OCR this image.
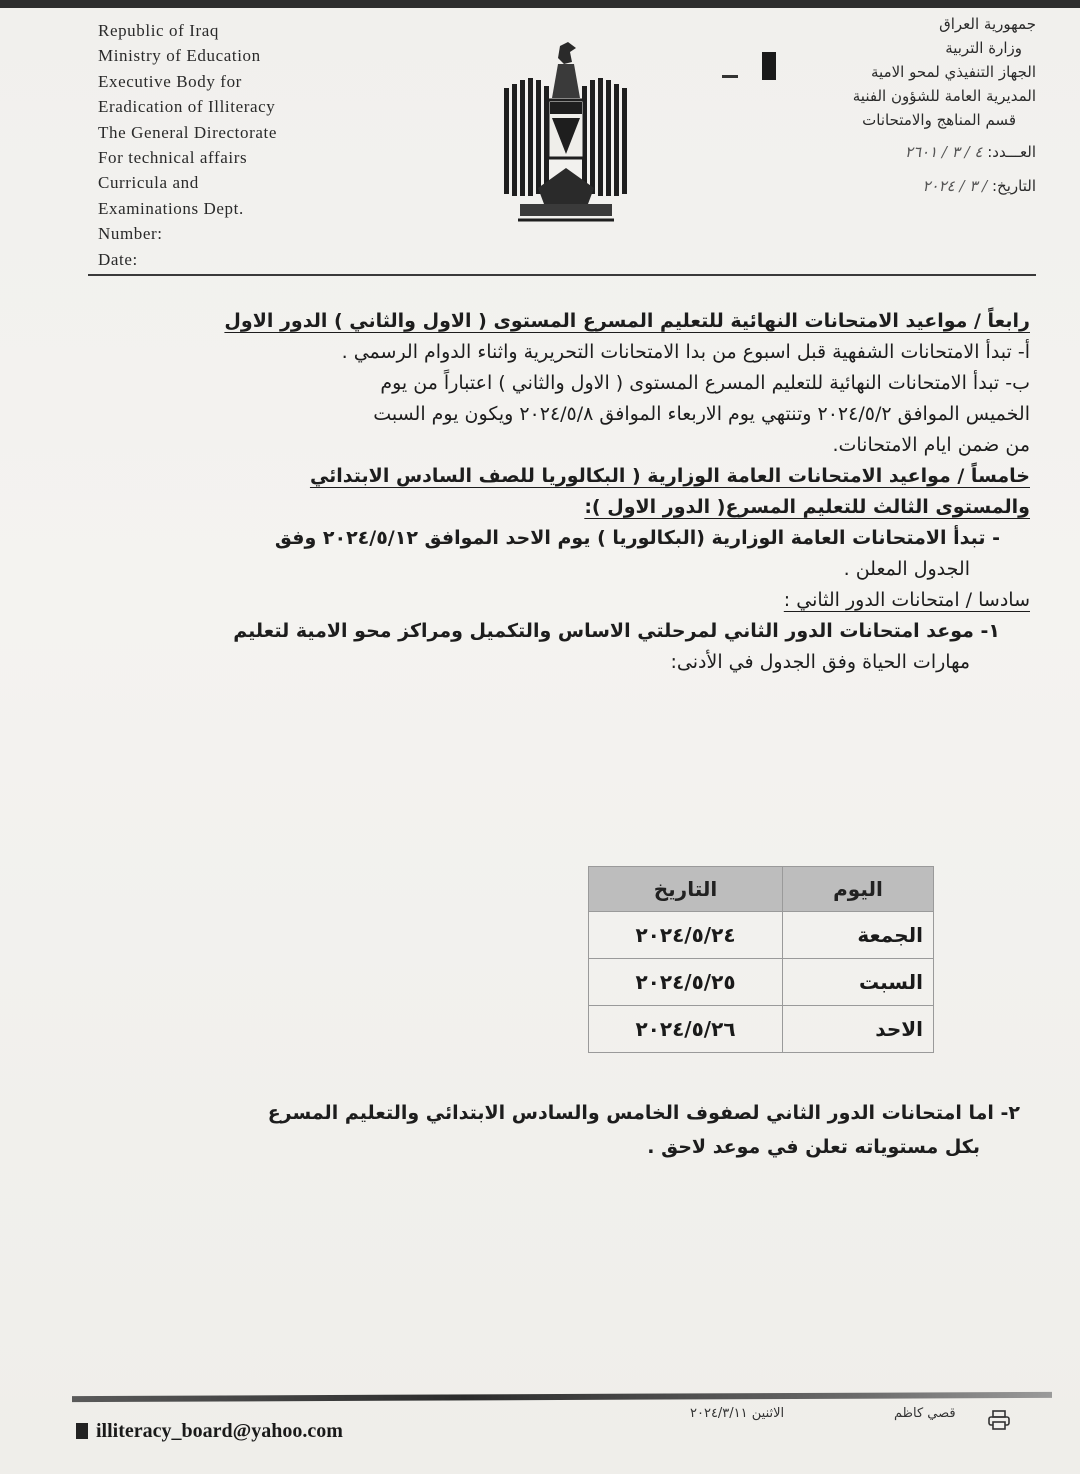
Republic of Iraq
Ministry of Education
Executive Body for
Eradication of Illiteracy
The General Directorate
For technical affairs
Curricula and
Examinations Dept.
Number:
Date:
جمهورية العراق
وزارة التربية
الجهاز التنفيذي لمحو الامية
المديرية العامة للشؤون الفنية
قسم المناهج والامتحانات
العـــدد: ٤ / ٣ / ٢٦٠١
التاريخ: / ٣ / ٢٠٢٤

رابعاً / مواعيد الامتحانات النهائية للتعليم المسرع المستوى ( الاول والثاني ) الدور الاول

أ- تبدأ الامتحانات الشفهية قبل اسبوع من بدا الامتحانات التحريرية واثناء الدوام الرسمي .

ب- تبدأ الامتحانات النهائية للتعليم المسرع المستوى ( الاول والثاني ) اعتباراً من يوم

الخميس الموافق ٢٠٢٤/٥/٢ وتنتهي يوم الاربعاء الموافق ٢٠٢٤/٥/٨ ويكون يوم السبت

من ضمن ايام الامتحانات.

خامساً / مواعيد الامتحانات العامة الوزارية ( البكالوريا للصف السادس الابتدائي

والمستوى الثالث للتعليم المسرع( الدور الاول ):

- تبدأ الامتحانات العامة الوزارية (البكالوريا ) يوم الاحد الموافق ٢٠٢٤/٥/١٢ وفق

الجدول المعلن .

سادسا / امتحانات الدور الثاني :

١- موعد امتحانات الدور الثاني لمرحلتي الاساس والتكميل ومراكز محو الامية لتعليم

مهارات الحياة وفق الجدول في الأدنى:

اليوم	التاريخ
الجمعة	٢٠٢٤/٥/٢٤
السبت	٢٠٢٤/٥/٢٥
الاحد	٢٠٢٤/٥/٢٦

٢- اما امتحانات الدور الثاني لصفوف الخامس والسادس الابتدائي والتعليم المسرع

بكل مستوياته تعلن في موعد لاحق .

illiteracy_board@yahoo.com
الاثنين ٢٠٢٤/٣/١١	قصي كاظم
